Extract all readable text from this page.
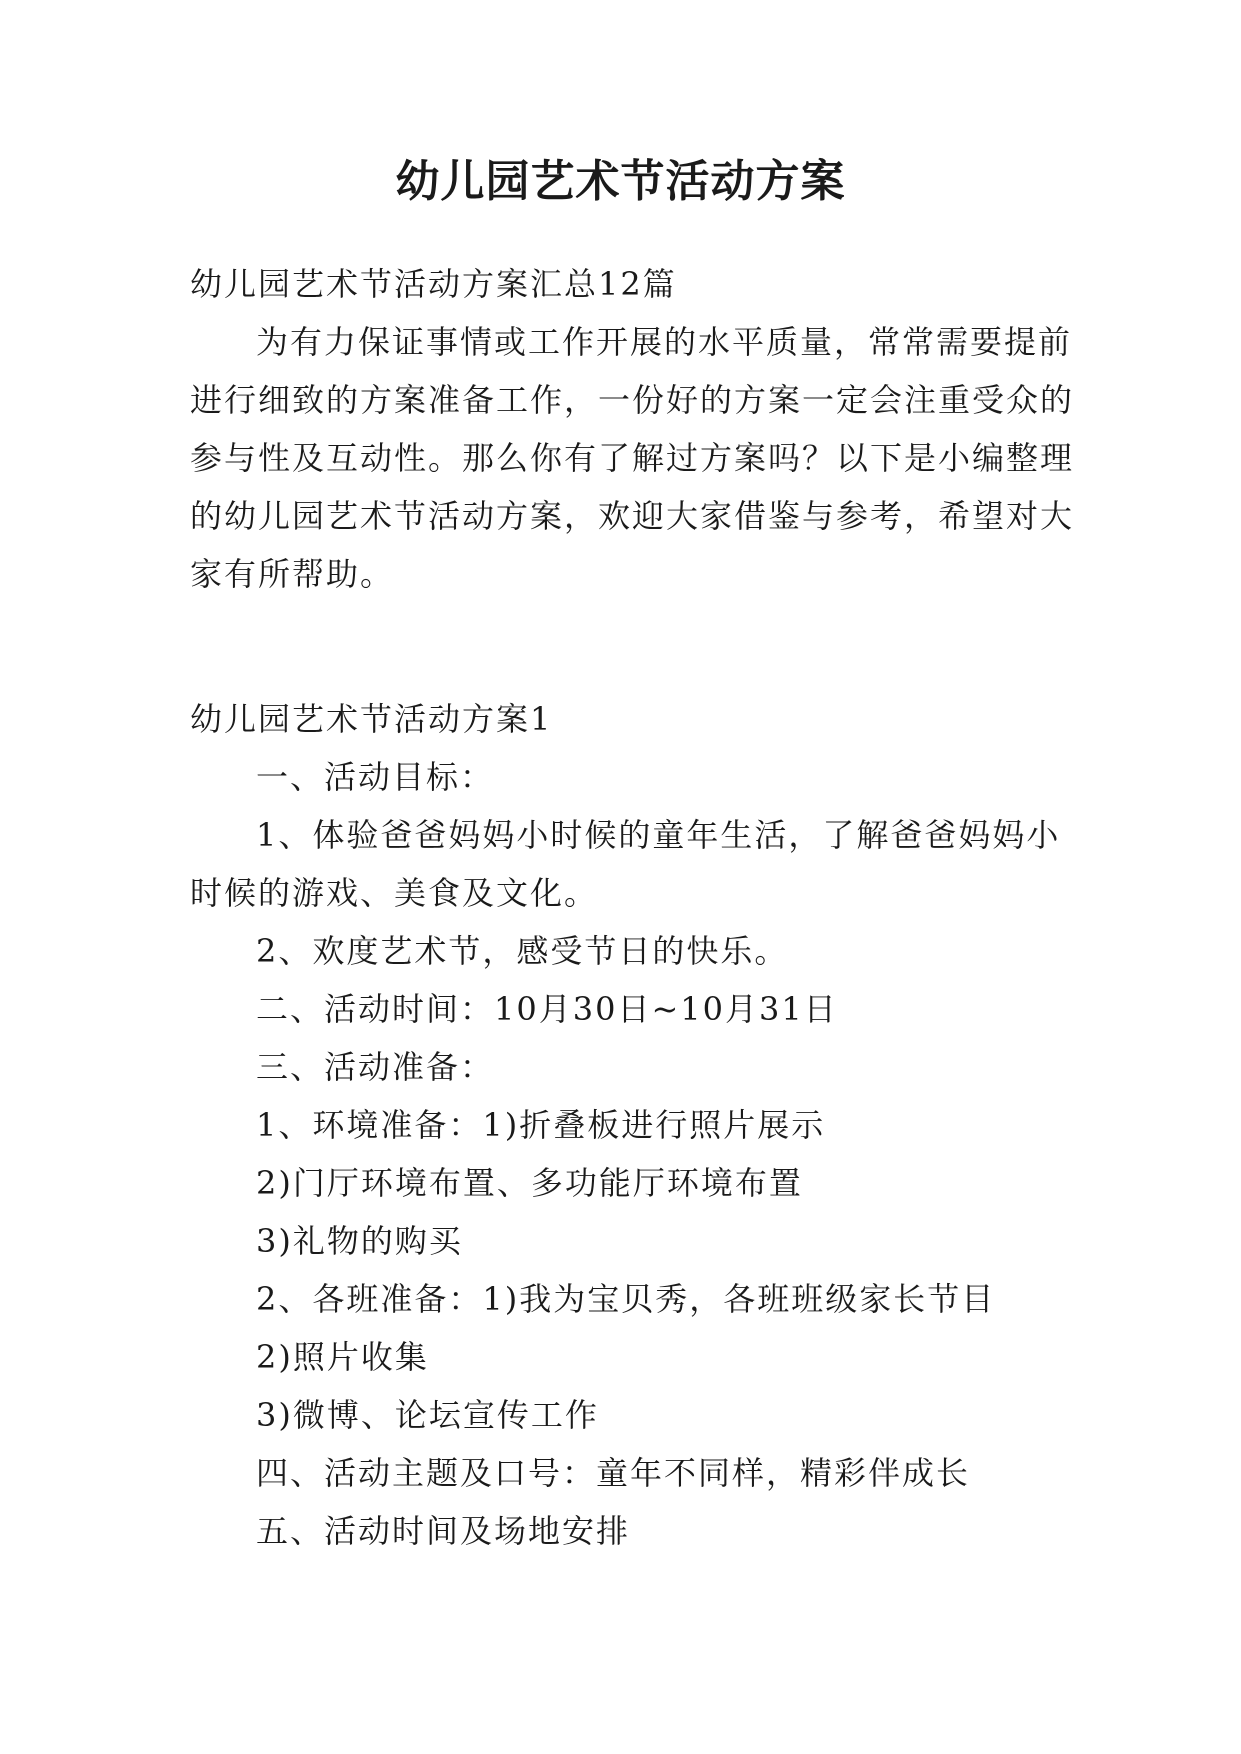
幼儿园艺术节活动方案
幼儿园艺术节活动方案汇总12篇
为有力保证事情或工作开展的水平质量，常常需要提前
进行细致的方案准备工作，一份好的方案一定会注重受众的
参与性及互动性。那么你有了解过方案吗？以下是小编整理
的幼儿园艺术节活动方案，欢迎大家借鉴与参考，希望对大
家有所帮助。
幼儿园艺术节活动方案1
一、活动目标：
1、体验爸爸妈妈小时候的童年生活，了解爸爸妈妈小
时候的游戏、美食及文化。
2、欢度艺术节，感受节日的快乐。
二、活动时间：10月30日~10月31日
三、活动准备：
1、环境准备：1)折叠板进行照片展示
2)门厅环境布置、多功能厅环境布置
3)礼物的购买
2、各班准备：1)我为宝贝秀，各班班级家长节目
2)照片收集
3)微博、论坛宣传工作
四、活动主题及口号：童年不同样，精彩伴成长
五、活动时间及场地安排
